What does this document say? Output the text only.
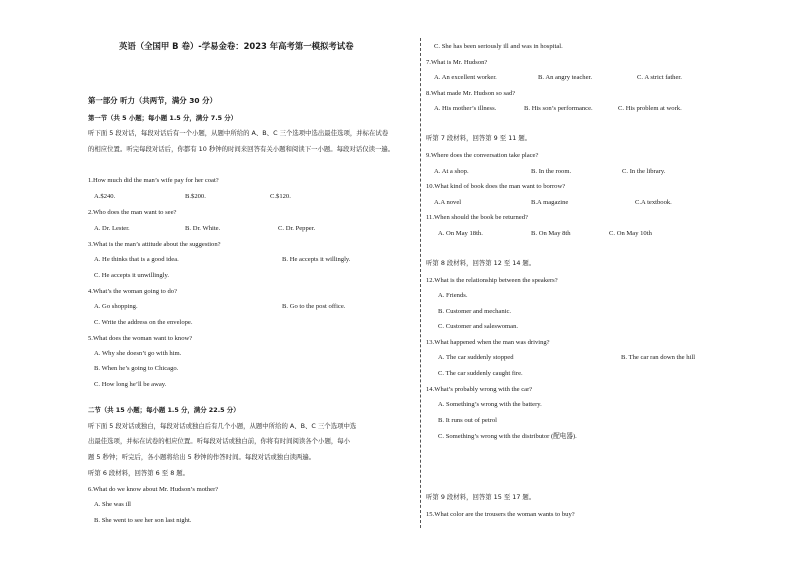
英语（全国甲 B 卷）-学易金卷：2023 年高考第一模拟考试卷
第一部分 听力（共两节，满分 30 分）
第一节（共 5 小题；每小题 1.5 分，满分 7.5 分）
听下面 5 段对话，每段对话后有一个小题，从题中所给的 A、B、C 三个选项中选出最佳选项，并标在试卷
的相应位置。听完每段对话后，你都有 10 秒钟的时间来回答有关小题和阅读下一小题。每段对话仅读一遍。
1.How much did the man’s wife pay for her coat?
A.$240.	B.$200.	C.$120.
2.Who does the man want to see?
A. Dr. Lester.	B. Dr. White.	C. Dr. Pepper.
3.What is the man’s attitude about the suggestion?
A. He thinks that is a good idea.	B. He accepts it willingly.
C. He accepts it unwillingly.
4.What’s the woman going to do?
A. Go shopping.	B. Go to the post office.
C. Write the address on the envelope.
5.What does the woman want to know?
A. Why she doesn’t go with him.
B. When he’s going to Chicago.
C. How long he’ll be away.
二节（共 15 小题；每小题 1.5 分，满分 22.5 分）
听下面 5 段对话或独白，每段对话或独白后有几个小题，从题中所给的 A、B、C 三个选项中选
出最佳选项，并标在试卷的相应位置。听每段对话或独白前，你将有时间阅读各个小题，每小
题 5 秒钟；听完后，各小题将给出 5 秒钟的作答时间。每段对话或独白读两遍。
听第 6 段材料，回答第 6 至 8 题。
6.What do we know about Mr. Hudson’s mother?
A. She was ill
B. She went to see her son last night.
C. She has been seriously ill and was in hospital.
7.What is Mr. Hudson?
A. An excellent worker.	B. An angry teacher.	C. A strict father.
8.What made Mr. Hudson so sad?
A. His mother’s illness.	B. His son’s performance.	C. His problem at work.
听第 7 段材料，回答第 9 至 11 题。
9.Where does the conversation take place?
A. At a shop.	B. In the room.	C. In the library.
10.What kind of book does the man want to borrow?
A.A novel	B.A magazine	C.A textbook.
11.When should the book be returned?
A. On May 18th.	B. On May 8th	C. On May 10th
听第 8 段材料，回答第 12 至 14 题。
12.What is the relationship between the speakers?
A. Friends.
B. Customer and mechanic.
C. Customer and saleswoman.
13.What happened when the man was driving?
A. The car suddenly stopped	B. The car ran down the hill
C. The car suddenly caught fire.
14.What’s probably wrong with the car?
A. Something’s wrong with the battery.
B. It runs out of petrol
C. Something’s wrong with the distributor (配电器).
听第 9 段材料，回答第 15 至 17 题。
15.What color are the trousers the woman wants to buy?
